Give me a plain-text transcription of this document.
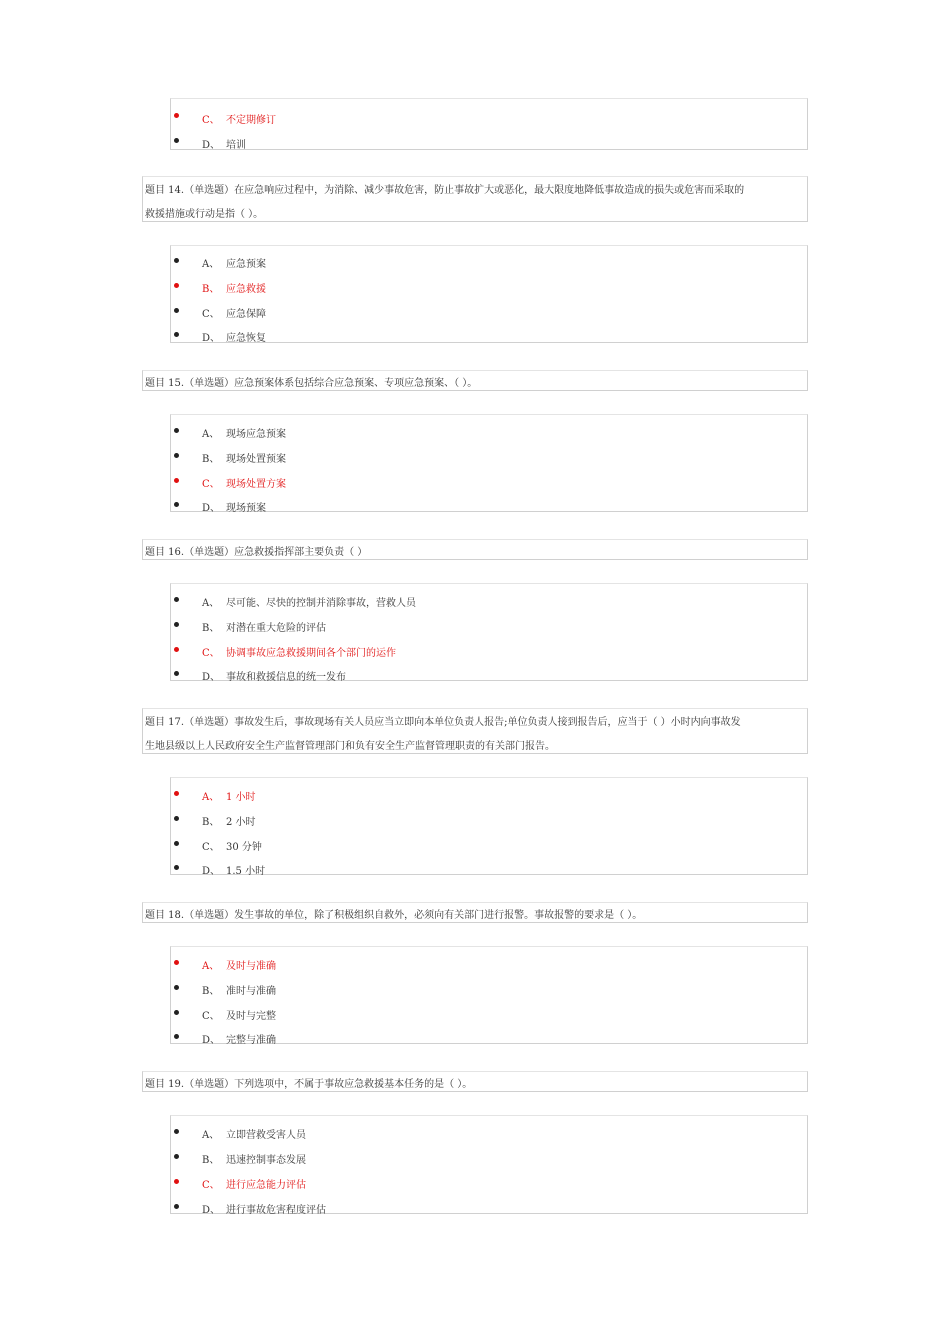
C、 不定期修订
D、 培训
题目 14.（单选题）在应急响应过程中，为消除、减少事故危害，防止事故扩大或恶化，最大限度地降低事故造成的损失或危害而采取的
救援措施或行动是指（ ）。
A、 应急预案
B、 应急救援
C、 应急保障
D、 应急恢复
题目 15.（单选题）应急预案体系包括综合应急预案、专项应急预案、（ ）。
A、 现场应急预案
B、 现场处置预案
C、 现场处置方案
D、 现场预案
题目 16.（单选题）应急救援指挥部主要负责（ ）
A、 尽可能、尽快的控制并消除事故，营救人员
B、 对潜在重大危险的评估
C、 协调事故应急救援期间各个部门的运作
D、 事故和救援信息的统一发布
题目 17.（单选题）事故发生后，事故现场有关人员应当立即向本单位负责人报告;单位负责人接到报告后，应当于（ ）小时内向事故发
生地县级以上人民政府安全生产监督管理部门和负有安全生产监督管理职责的有关部门报告。
A、 1 小时
B、 2 小时
C、 30 分钟
D、 1.5 小时
题目 18.（单选题）发生事故的单位，除了积极组织自救外，必须向有关部门进行报警。事故报警的要求是（ ）。
A、 及时与准确
B、 准时与准确
C、 及时与完整
D、 完整与准确
题目 19.（单选题）下列选项中，不属于事故应急救援基本任务的是（ ）。
A、 立即营救受害人员
B、 迅速控制事态发展
C、 进行应急能力评估
D、 进行事故危害程度评估
